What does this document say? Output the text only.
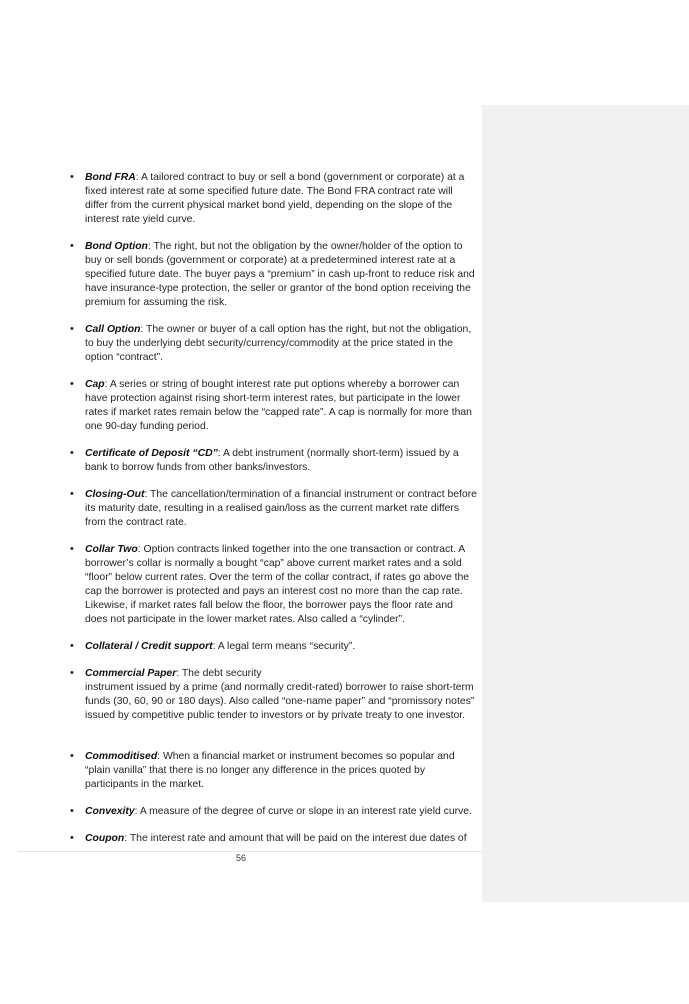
• Bond FRA: A tailored contract to buy or sell a bond (government or corporate) at a fixed interest rate at some specified future date. The Bond FRA contract rate will differ from the current physical market bond yield, depending on the slope of the interest rate yield curve.
• Bond Option: The right, but not the obligation by the owner/holder of the option to buy or sell bonds (government or corporate) at a predetermined interest rate at a specified future date. The buyer pays a “premium” in cash up-front to reduce risk and have insurance-type protection, the seller or grantor of the bond option receiving the premium for assuming the risk.
• Call Option: The owner or buyer of a call option has the right, but not the obligation, to buy the underlying debt security/currency/commodity at the price stated in the option “contract”.
• Cap: A series or string of bought interest rate put options whereby a borrower can have protection against rising short-term interest rates, but participate in the lower rates if market rates remain below the “capped rate”. A cap is normally for more than one 90-day funding period.
• Certificate of Deposit “CD”: A debt instrument (normally short-term) issued by a bank to borrow funds from other banks/investors.
• Closing-Out: The cancellation/termination of a financial instrument or contract before its maturity date, resulting in a realised gain/loss as the current market rate differs from the contract rate.
• Collar Two: Option contracts linked together into the one transaction or contract. A borrower’s collar is normally a bought “cap” above current market rates and a sold “floor” below current rates. Over the term of the collar contract, if rates go above the cap the borrower is protected and pays an interest cost no more than the cap rate. Likewise, if market rates fall below the floor, the borrower pays the floor rate and does not participate in the lower market rates. Also called a “cylinder”.
• Collateral / Credit support: A legal term means “security”.
• Commercial Paper: The debt security
instrument issued by a prime (and normally credit-rated) borrower to raise short-term funds (30, 60, 90 or 180 days). Also called “one-name paper” and “promissory notes” issued by competitive public tender to investors or by private treaty to one investor.
• Commoditised: When a financial market or instrument becomes so popular and “plain vanilla” that there is no longer any difference in the prices quoted by participants in the market.
• Convexity: A measure of the degree of curve or slope in an interest rate yield curve.
• Coupon: The interest rate and amount that will be paid on the interest due dates of
56
